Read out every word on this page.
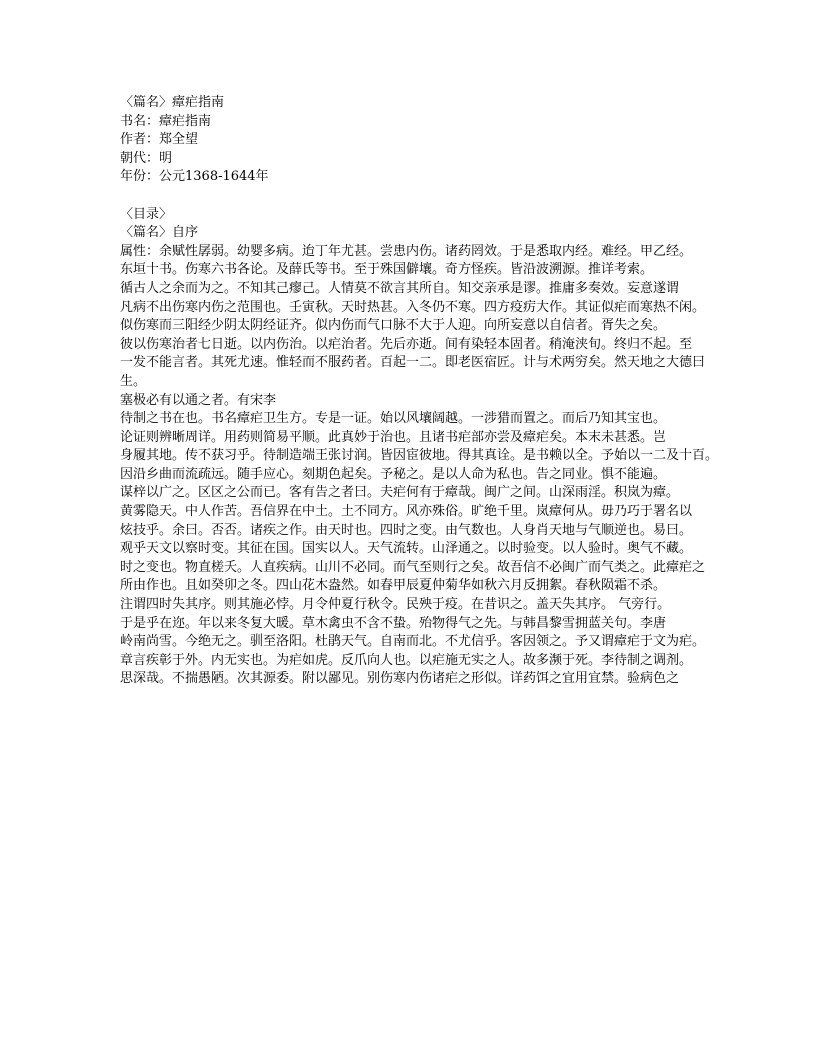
〈篇名〉瘴疟指南
书名：瘴疟指南
作者：郑全望
朝代：明
年份：公元1368-1644年
〈目录〉
〈篇名〉自序
属性：余赋性孱弱。幼婴多病。迨丁年尤甚。尝患内伤。诸药罔效。于是悉取内经。难经。甲乙经。
东垣十书。伤寒六书各论。及薛氏等书。至于殊国僻壤。奇方怪疾。皆沿波溯源。推详考索。
循古人之余而为之。不知其己瘳己。人情莫不欲言其所自。知交亲承是谬。推庸多奏效。妄意遂谓
凡病不出伤寒内伤之范围也。壬寅秋。天时热甚。入冬仍不寒。四方疫疠大作。其证似疟而寒热不闲。
似伤寒而三阳经少阴太阴经证齐。似内伤而气口脉不大于人迎。向所妄意以自信者。胥失之矣。
彼以伤寒治者七日逝。以内伤治。以疟治者。先后亦逝。间有染轻本固者。稍淹浃旬。终归不起。至
一发不能言者。其死尤速。惟轻而不服药者。百起一二。即老医宿匠。计与术两穷矣。然天地之大德曰生。
塞极必有以通之者。有宋李
待制之书在也。书名瘴疟卫生方。专是一证。始以风壤阔越。一涉猎而置之。而后乃知其宝也。
论证则辨晰周详。用药则简易平顺。此真妙于治也。且诸书疟部亦尝及瘴疟矣。本末未甚悉。岂
身履其地。传不获习乎。待制造端王张讨润。皆因宦彼地。得其真诠。是书赖以全。予始以一二及十百。
因沿乡曲而流疏远。随手应心。刻期色起矣。予秘之。是以人命为私也。告之同业。惧不能遍。
谋梓以广之。区区之公而已。客有告之者曰。夫疟何有于瘴哉。闽广之间。山深雨淫。积岚为瘴。
黄雾隐天。中人作苦。吾信界在中土。土不同方。风亦殊俗。旷绝千里。岚瘴何从。毋乃巧于署名以
炫技乎。余曰。否否。诸疾之作。由天时也。四时之变。由气数也。人身肖天地与气顺逆也。易曰。
观乎天文以察时变。其征在国。国实以人。天气流转。山泽通之。以时验变。以人验时。奥气不藏。
时之变也。物直槎夭。人直疾病。山川不必同。而气至则行之矣。故吾信不必闽广而气类之。此瘴疟之
所由作也。且如癸卯之冬。四山花木盎然。如春甲辰夏仲菊华如秋六月反拥絮。春秋陨霜不杀。
注谓四时失其序。则其施必悖。月令仲夏行秋令。民殃于疫。在昔识之。盖天失其序。 气旁行。
于是乎在迩。年以来冬复大暖。草木禽虫不含不蛰。殆物得气之先。与韩昌黎雪拥蓝关句。李唐
岭南尚雪。今绝无之。驯至洛阳。杜鹃天气。自南而北。不尤信乎。客因领之。予又谓瘴疟于文为疟。
章言疾彰于外。内无实也。为疟如虎。反爪向人也。以疟施无实之人。故多濒于死。李待制之调剂。
思深哉。不揣愚陋。次其源委。附以鄙见。别伤寒内伤诸疟之形似。详药饵之宜用宜禁。验病色之
